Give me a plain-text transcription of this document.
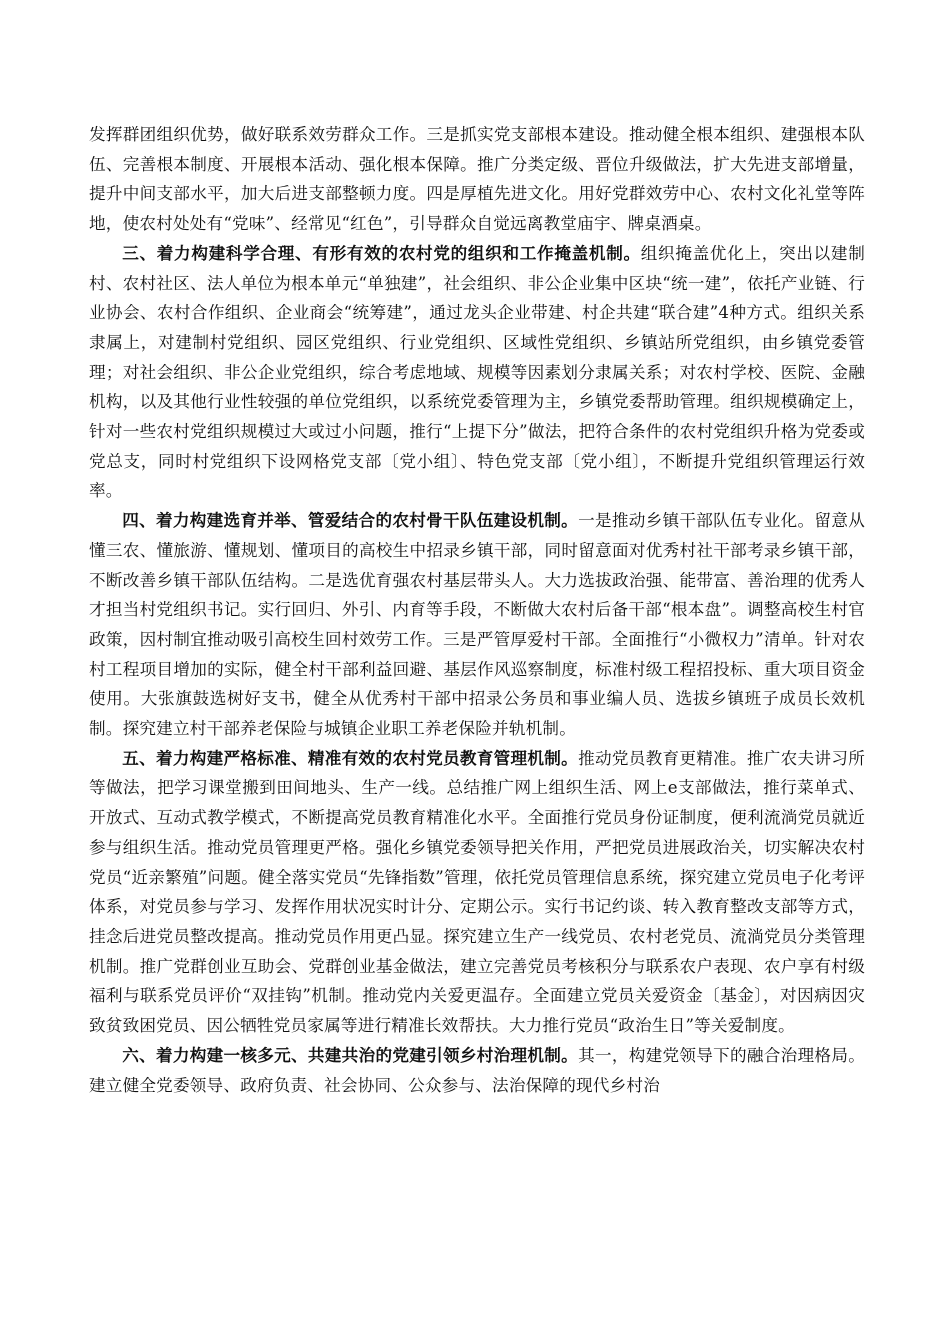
发挥群团组织优势，做好联系效劳群众工作。三是抓实党支部根本建设。推动健全根本组织、建强根本队伍、完善根本制度、开展根本活动、强化根本保障。推广分类定级、晋位升级做法，扩大先进支部增量，提升中间支部水平，加大后进支部整顿力度。四是厚植先进文化。用好党群效劳中心、农村文化礼堂等阵地，使农村处处有“党味”、经常见“红色”，引导群众自觉远离教堂庙宇、牌桌酒桌。

三、着力构建科学合理、有形有效的农村党的组织和工作掩盖机制。组织掩盖优化上，突出以建制村、农村社区、法人单位为根本单元“单独建”，社会组织、非公企业集中区块“统一建”，依托产业链、行业协会、农村合作组织、企业商会“统筹建”，通过龙头企业带建、村企共建“联合建”4种方式。组织关系隶属上，对建制村党组织、园区党组织、行业党组织、区域性党组织、乡镇站所党组织，由乡镇党委管理；对社会组织、非公企业党组织，综合考虑地域、规模等因素划分隶属关系；对农村学校、医院、金融机构，以及其他行业性较强的单位党组织，以系统党委管理为主，乡镇党委帮助管理。组织规模确定上，针对一些农村党组织规模过大或过小问题，推行“上提下分”做法，把符合条件的农村党组织升格为党委或党总支，同时村党组织下设网格党支部〔党小组〕、特色党支部〔党小组〕，不断提升党组织管理运行效率。

四、着力构建选育并举、管爱结合的农村骨干队伍建设机制。一是推动乡镇干部队伍专业化。留意从懂三农、懂旅游、懂规划、懂项目的高校生中招录乡镇干部，同时留意面对优秀村社干部考录乡镇干部，不断改善乡镇干部队伍结构。二是选优育强农村基层带头人。大力选拔政治强、能带富、善治理的优秀人才担当村党组织书记。实行回归、外引、内育等手段，不断做大农村后备干部“根本盘”。调整高校生村官政策，因村制宜推动吸引高校生回村效劳工作。三是严管厚爱村干部。全面推行“小微权力”清单。针对农村工程项目增加的实际，健全村干部利益回避、基层作风巡察制度，标准村级工程招投标、重大项目资金使用。大张旗鼓选树好支书，健全从优秀村干部中招录公务员和事业编人员、选拔乡镇班子成员长效机制。探究建立村干部养老保险与城镇企业职工养老保险并轨机制。

五、着力构建严格标准、精准有效的农村党员教育管理机制。推动党员教育更精准。推广农夫讲习所等做法，把学习课堂搬到田间地头、生产一线。总结推广网上组织生活、网上e支部做法，推行菜单式、开放式、互动式教学模式，不断提高党员教育精准化水平。全面推行党员身份证制度，便利流淌党员就近参与组织生活。推动党员管理更严格。强化乡镇党委领导把关作用，严把党员进展政治关，切实解决农村党员“近亲繁殖”问题。健全落实党员“先锋指数”管理，依托党员管理信息系统，探究建立党员电子化考评体系，对党员参与学习、发挥作用状况实时计分、定期公示。实行书记约谈、转入教育整改支部等方式，挂念后进党员整改提高。推动党员作用更凸显。探究建立生产一线党员、农村老党员、流淌党员分类管理机制。推广党群创业互助会、党群创业基金做法，建立完善党员考核积分与联系农户表现、农户享有村级福利与联系党员评价“双挂钩”机制。推动党内关爱更温存。全面建立党员关爱资金〔基金〕，对因病因灾致贫致困党员、因公牺牲党员家属等进行精准长效帮扶。大力推行党员“政治生日”等关爱制度。

六、着力构建一核多元、共建共治的党建引领乡村治理机制。其一，构建党领导下的融合治理格局。建立健全党委领导、政府负责、社会协同、公众参与、法治保障的现代乡村治
